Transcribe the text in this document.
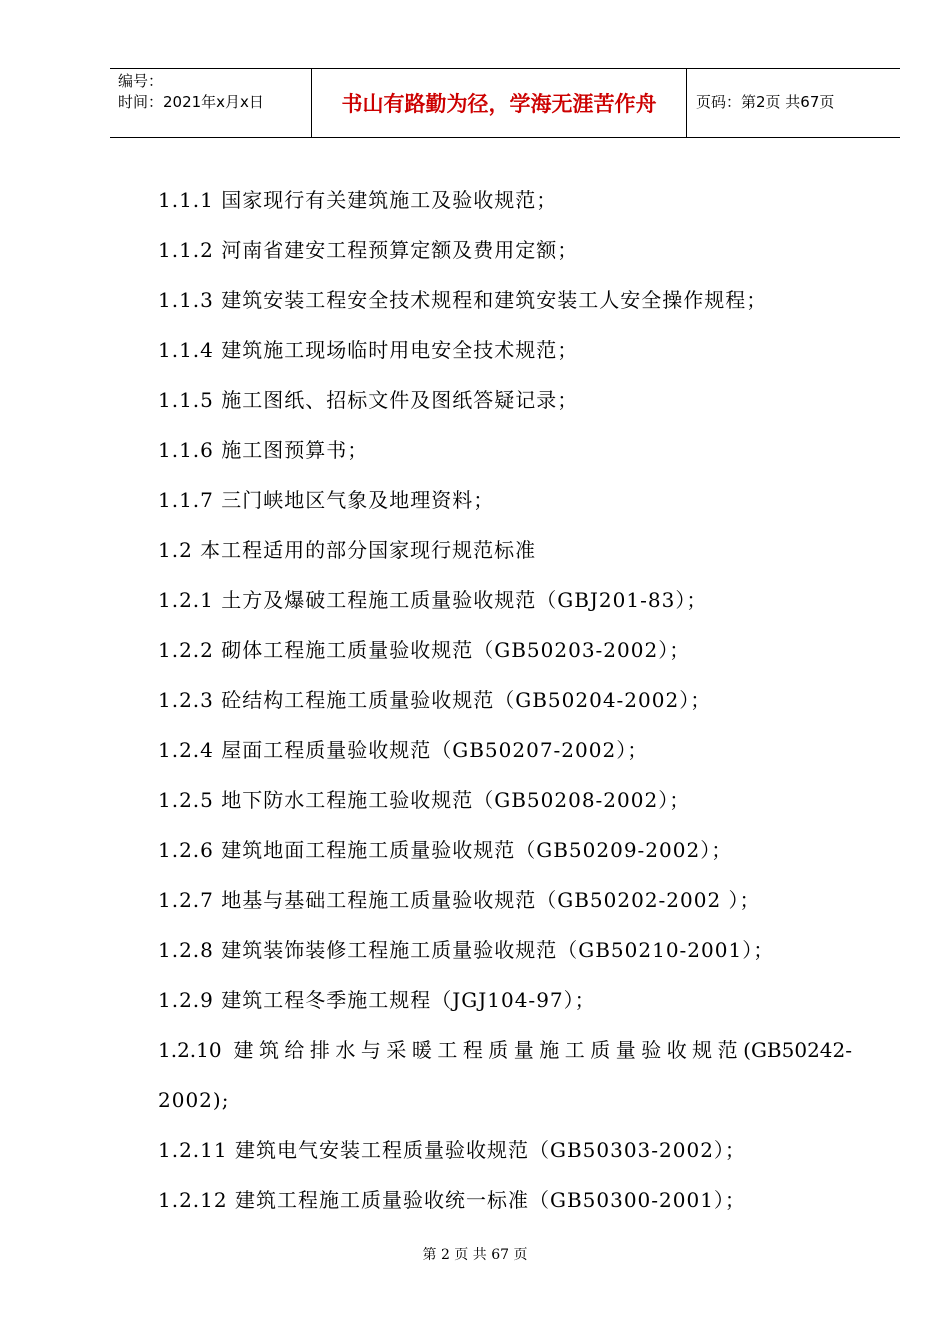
编号：
时间：2021年x月x日	书山有路勤为径，学海无涯苦作舟	页码：第2页 共67页
1.1.1 国家现行有关建筑施工及验收规范；
1.1.2 河南省建安工程预算定额及费用定额；
1.1.3 建筑安装工程安全技术规程和建筑安装工人安全操作规程；
1.1.4 建筑施工现场临时用电安全技术规范；
1.1.5 施工图纸、招标文件及图纸答疑记录；
1.1.6 施工图预算书；
1.1.7 三门峡地区气象及地理资料；
1.2 本工程适用的部分国家现行规范标准
1.2.1 土方及爆破工程施工质量验收规范（GBJ201-83）；
1.2.2 砌体工程施工质量验收规范（GB50203-2002）；
1.2.3 砼结构工程施工质量验收规范（GB50204-2002）；
1.2.4 屋面工程质量验收规范（GB50207-2002）；
1.2.5 地下防水工程施工验收规范（GB50208-2002）；
1.2.6 建筑地面工程施工质量验收规范（GB50209-2002）；
1.2.7 地基与基础工程施工质量验收规范（GB50202-2002 ）；
1.2.8 建筑装饰装修工程施工质量验收规范（GB50210-2001）；
1.2.9 建筑工程冬季施工规程（JGJ104-97）；
1.2.10 建筑给排水与采暖工程质量施工质量验收规范(GB50242-
2002);
1.2.11 建筑电气安装工程质量验收规范（GB50303-2002）；
1.2.12 建筑工程施工质量验收统一标准（GB50300-2001）；
第 2 页 共 67 页
